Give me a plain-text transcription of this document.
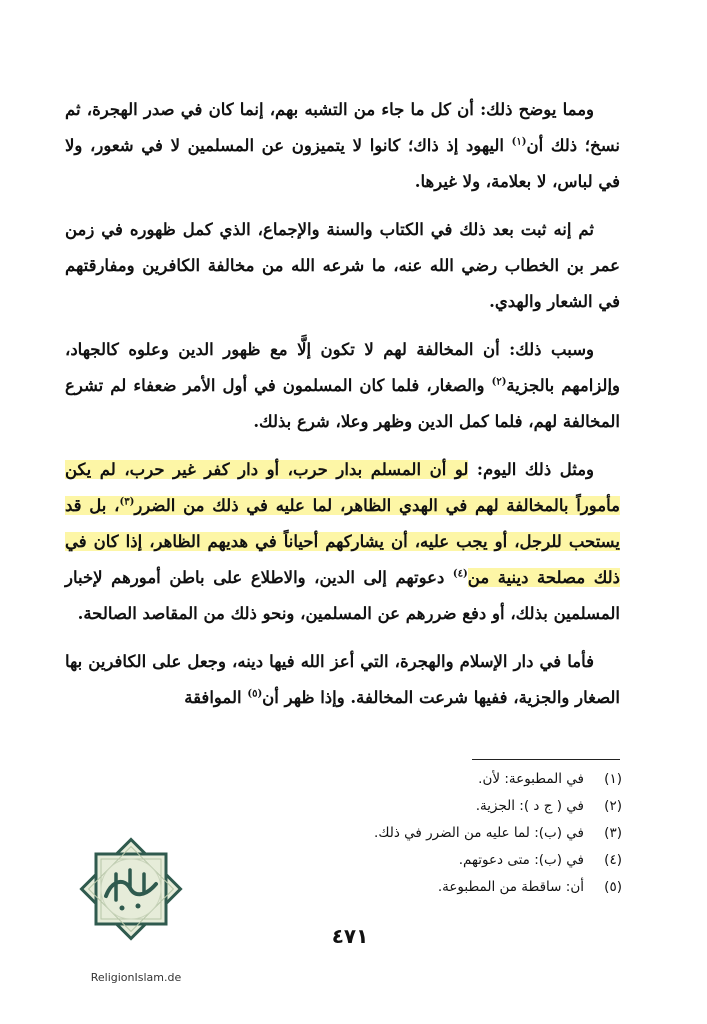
ومما يوضح ذلك: أن كل ما جاء من التشبه بهم، إنما كان في صدر الهجرة، ثم نسخ؛ ذلك أن$^{(١)}$ اليهود إذ ذاك؛ كانوا لا يتميزون عن المسلمين لا في شعور، ولا في لباس، لا بعلامة، ولا غيرها.

ثم إنه ثبت بعد ذلك في الكتاب والسنة والإجماع، الذي كمل ظهوره في زمن عمر بن الخطاب رضي الله عنه، ما شرعه الله من مخالفة الكافرين ومفارقتهم في الشعار والهدي.

وسبب ذلك: أن المخالفة لهم لا تكون إلَّا مع ظهور الدين وعلوه كالجهاد، وإلزامهم بالجزية$^{(٢)}$ والصغار، فلما كان المسلمون في أول الأمر ضعفاء لم تشرع المخالفة لهم، فلما كمل الدين وظهر وعلا، شرع بذلك.

ومثل ذلك اليوم: لو أن المسلم بدار حرب، أو دار كفر غير حرب، لم يكن مأموراً بالمخالفة لهم في الهدي الظاهر، لما عليه في ذلك من الضرر$^{(٣)}$، بل قد يستحب للرجل، أو يجب عليه، أن يشاركهم أحياناً في هديهم الظاهر، إذا كان في ذلك مصلحة دينية من$^{(٤)}$ دعوتهم إلى الدين، والاطلاع على باطن أمورهم لإخبار المسلمين بذلك، أو دفع ضررهم عن المسلمين، ونحو ذلك من المقاصد الصالحة.

فأما في دار الإسلام والهجرة، التي أعز الله فيها دينه، وجعل على الكافرين بها الصغار والجزية، ففيها شرعت المخالفة. وإذا ظهر أن$^{(٥)}$ الموافقة

(١)
في المطبوعة: لأن.
(٢)
في ( ج د ): الجزية.
(٣)
في (ب): لما عليه من الضرر في ذلك.
(٤)
في (ب): متى دعوتهم.
(٥)
أن: ساقطة من المطبوعة.
ReligionIslam.de
٤٧١
